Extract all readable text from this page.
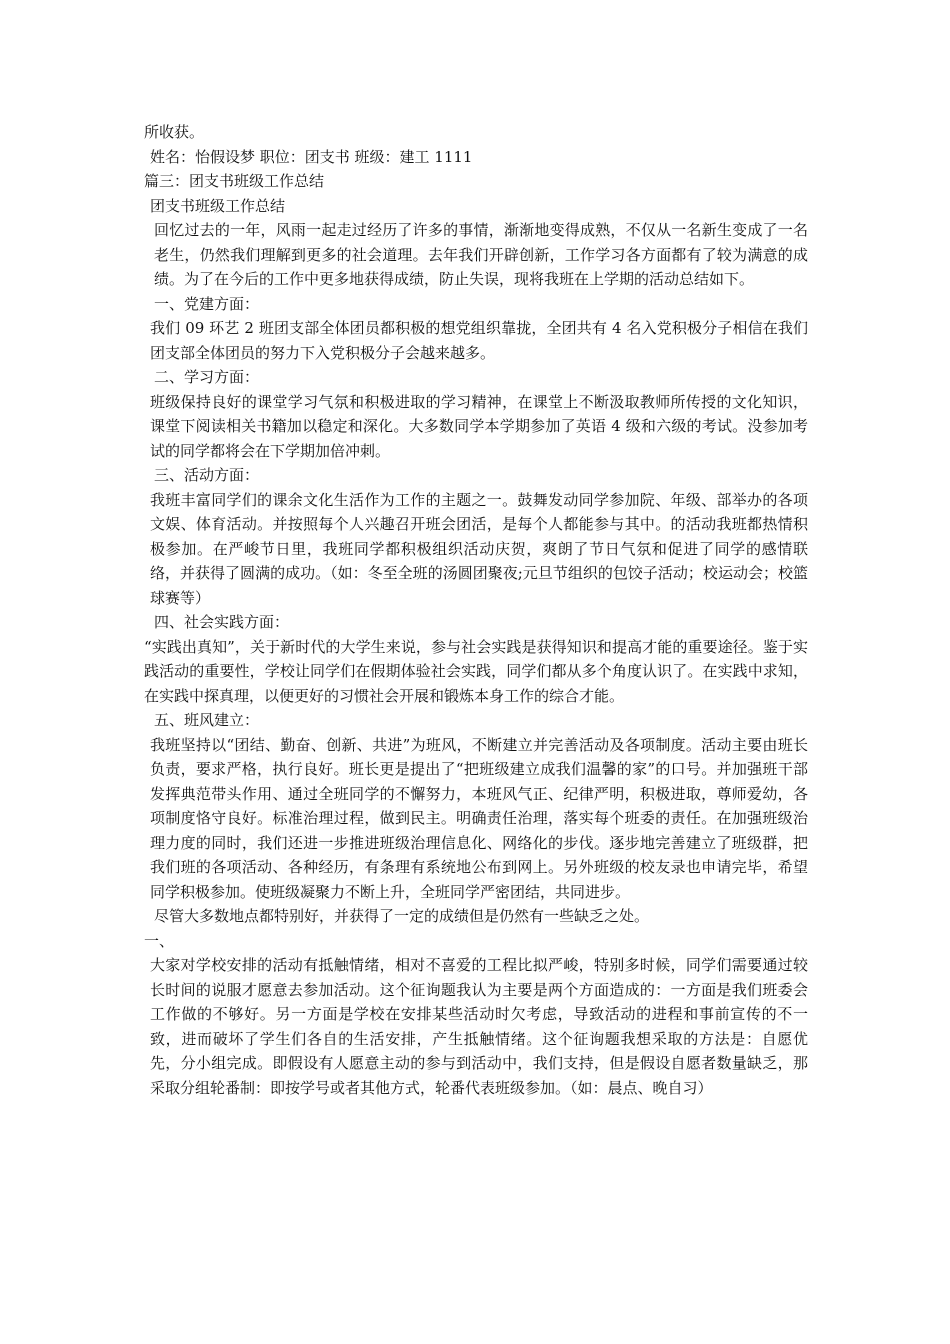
所收获。

姓名：怡假设梦 职位：团支书 班级：建工 1111

篇三：团支书班级工作总结

团支书班级工作总结

回忆过去的一年，风雨一起走过经历了许多的事情，渐渐地变得成熟，不仅从一名新生变成了一名老生，仍然我们理解到更多的社会道理。去年我们开辟创新，工作学习各方面都有了较为满意的成绩。为了在今后的工作中更多地获得成绩，防止失误，现将我班在上学期的活动总结如下。

一、党建方面：

我们 09 环艺 2 班团支部全体团员都积极的想党组织靠拢，全团共有 4 名入党积极分子相信在我们团支部全体团员的努力下入党积极分子会越来越多。

二、学习方面：

班级保持良好的课堂学习气氛和积极进取的学习精神，在课堂上不断汲取教师所传授的文化知识，课堂下阅读相关书籍加以稳定和深化。大多数同学本学期参加了英语 4 级和六级的考试。没参加考试的同学都将会在下学期加倍冲刺。

三、活动方面：

我班丰富同学们的课余文化生活作为工作的主题之一。鼓舞发动同学参加院、年级、部举办的各项文娱、体育活动。并按照每个人兴趣召开班会团活，是每个人都能参与其中。的活动我班都热情积极参加。在严峻节日里，我班同学都积极组织活动庆贺，爽朗了节日气氛和促进了同学的感情联络，并获得了圆满的成功。（如：冬至全班的汤圆团聚夜;元旦节组织的包饺子活动；校运动会；校篮球赛等）

四、社会实践方面：

“实践出真知”，关于新时代的大学生来说，参与社会实践是获得知识和提高才能的重要途径。鉴于实践活动的重要性，学校让同学们在假期体验社会实践，同学们都从多个角度认识了。在实践中求知，在实践中探真理，以便更好的习惯社会开展和锻炼本身工作的综合才能。

五、班风建立：

我班坚持以“团结、勤奋、创新、共进”为班风，不断建立并完善活动及各项制度。活动主要由班长负责，要求严格，执行良好。班长更是提出了“把班级建立成我们温馨的家”的口号。并加强班干部发挥典范带头作用、通过全班同学的不懈努力，本班风气正、纪律严明，积极进取，尊师爱幼，各项制度恪守良好。标准治理过程，做到民主。明确责任治理，落实每个班委的责任。在加强班级治理力度的同时，我们还进一步推进班级治理信息化、网络化的步伐。逐步地完善建立了班级群，把我们班的各项活动、各种经历，有条理有系统地公布到网上。另外班级的校友录也申请完毕，希望同学积极参加。使班级凝聚力不断上升，全班同学严密团结，共同进步。

尽管大多数地点都特别好，并获得了一定的成绩但是仍然有一些缺乏之处。

一、

大家对学校安排的活动有抵触情绪，相对不喜爱的工程比拟严峻，特别多时候，同学们需要通过较长时间的说服才愿意去参加活动。这个征询题我认为主要是两个方面造成的：一方面是我们班委会工作做的不够好。另一方面是学校在安排某些活动时欠考虑，导致活动的进程和事前宣传的不一致，进而破坏了学生们各自的生活安排，产生抵触情绪。这个征询题我想采取的方法是：自愿优先，分小组完成。即假设有人愿意主动的参与到活动中，我们支持，但是假设自愿者数量缺乏，那采取分组轮番制：即按学号或者其他方式，轮番代表班级参加。（如：晨点、晚自习）
